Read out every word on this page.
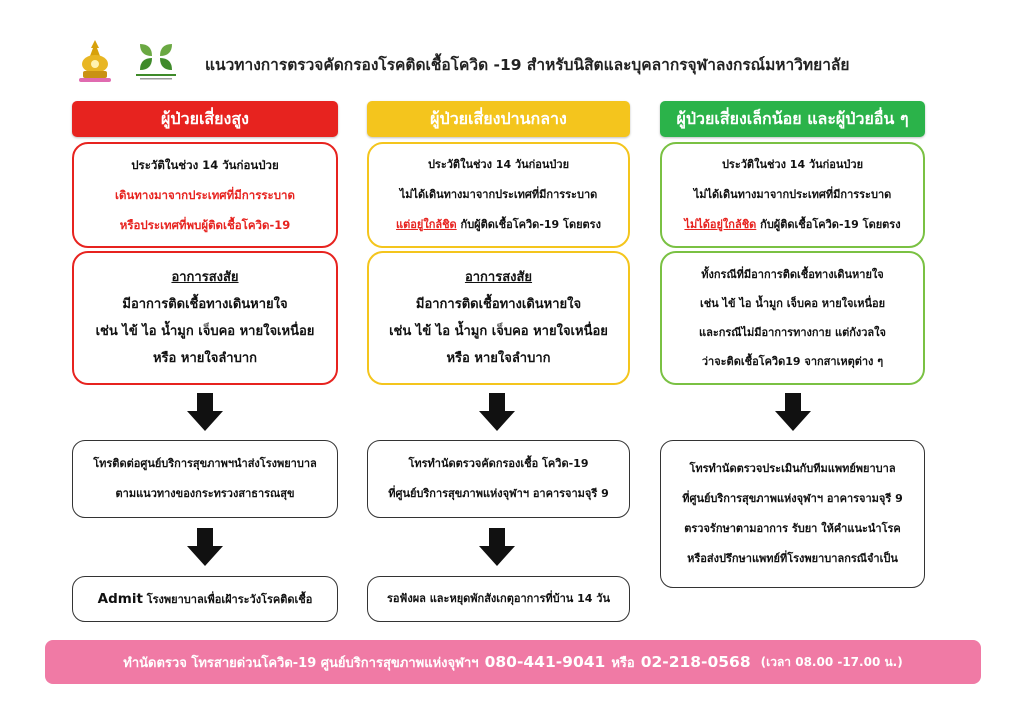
แนวทางการตรวจคัดกรองโรคติดเชื้อโควิด -19 สำหรับนิสิตและบุคลากรจุฬาลงกรณ์มหาวิทยาลัย
ผู้ป่วยเสี่ยงสูง	ผู้ป่วยเสี่ยงปานกลาง	ผู้ป่วยเสี่ยงเล็กน้อย และผู้ป่วยอื่น ๆ
ประวัติในช่วง 14 วันก่อนป่วย
เดินทางมาจากประเทศที่มีการระบาด
หรือประเทศที่พบผู้ติดเชื้อโควิด-19
อาการสงสัย
มีอาการติดเชื้อทางเดินหายใจ
เช่น ไข้ ไอ น้ำมูก เจ็บคอ หายใจเหนื่อย
หรือ หายใจลำบาก
โทรติดต่อศูนย์บริการสุขภาพฯนำส่งโรงพยาบาล
ตามแนวทางของกระทรวงสาธารณสุข
Admit โรงพยาบาลเพื่อเฝ้าระวังโรคติดเชื้อ
ประวัติในช่วง 14 วันก่อนป่วย
ไม่ได้เดินทางมาจากประเทศที่มีการระบาด
แต่อยู่ใกล้ชิด กับผู้ติดเชื้อโควิด-19 โดยตรง
อาการสงสัย
มีอาการติดเชื้อทางเดินหายใจ
เช่น ไข้ ไอ น้ำมูก เจ็บคอ หายใจเหนื่อย
หรือ หายใจลำบาก
โทรทำนัดตรวจคัดกรองเชื้อ โควิด-19
ที่ศูนย์บริการสุขภาพแห่งจุฬาฯ อาคารจามจุรี 9
รอฟังผล และหยุดพักสังเกตุอาการที่บ้าน 14 วัน
ประวัติในช่วง 14 วันก่อนป่วย
ไม่ได้เดินทางมาจากประเทศที่มีการระบาด
ไม่ได้อยู่ใกล้ชิด กับผู้ติดเชื้อโควิด-19 โดยตรง
ทั้งกรณีที่มีอาการติดเชื้อทางเดินหายใจ
เช่น ไข้ ไอ น้ำมูก เจ็บคอ หายใจเหนื่อย
และกรณีไม่มีอาการทางกาย แต่กังวลใจ
ว่าจะติดเชื้อโควิด19 จากสาเหตุต่าง ๆ
โทรทำนัดตรวจประเมินกับทีมแพทย์พยาบาล
ที่ศูนย์บริการสุขภาพแห่งจุฬาฯ อาคารจามจุรี 9
ตรวจรักษาตามอาการ รับยา ให้คำแนะนำโรค
หรือส่งปรึกษาแพทย์ที่โรงพยาบาลกรณีจำเป็น
ทำนัดตรวจ โทรสายด่วนโควิด-19 ศูนย์บริการสุขภาพแห่งจุฬาฯ 080-441-9041 หรือ 02-218-0568 (เวลา 08.00 -17.00 น.)
